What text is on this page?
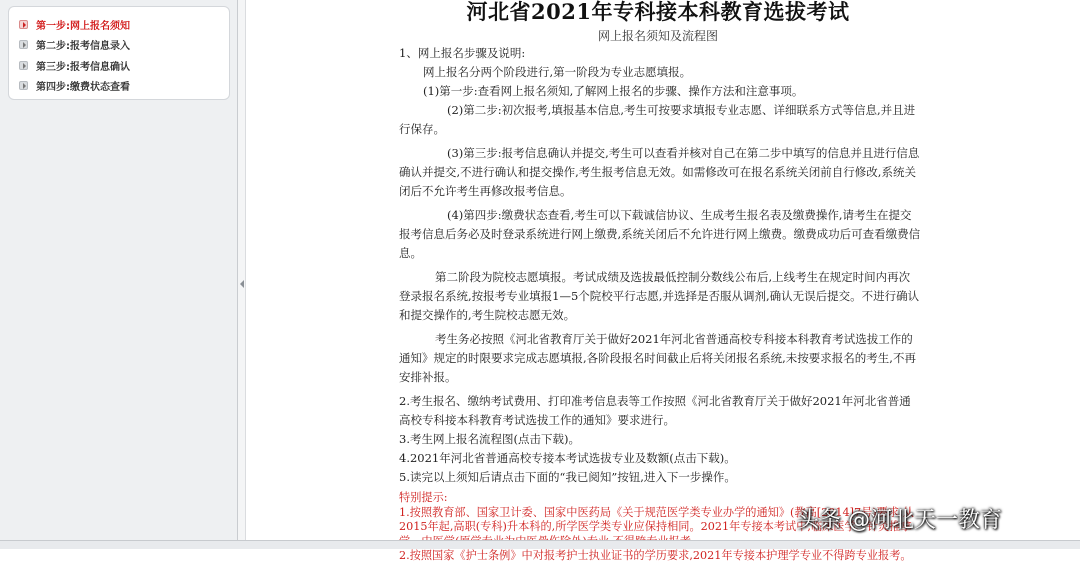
第一步:网上报名须知
第二步:报考信息录入
第三步:报考信息确认
第四步:缴费状态查看
河北省2021年专科接本科教育选拔考试
网上报名须知及流程图

1、网上报名步骤及说明:

网上报名分两个阶段进行,第一阶段为专业志愿填报。

(1)第一步:查看网上报名须知,了解网上报名的步骤、操作方法和注意事项。

(2)第二步:初次报考,填报基本信息,考生可按要求填报专业志愿、详细联系方式等信息,并且进行保存。

(3)第三步:报考信息确认并提交,考生可以查看并核对自己在第二步中填写的信息并且进行信息确认并提交,不进行确认和提交操作,考生报考信息无效。如需修改可在报名系统关闭前自行修改,系统关闭后不允许考生再修改报考信息。

(4)第四步:缴费状态查看,考生可以下载诚信协议、生成考生报名表及缴费操作,请考生在提交报考信息后务必及时登录系统进行网上缴费,系统关闭后不允许进行网上缴费。缴费成功后可查看缴费信息。

第二阶段为院校志愿填报。考试成绩及选拔最低控制分数线公布后,上线考生在规定时间内再次登录报名系统,按报考专业填报1—5个院校平行志愿,并选择是否服从调剂,确认无误后提交。不进行确认和提交操作的,考生院校志愿无效。

考生务必按照《河北省教育厅关于做好2021年河北省普通高校专科接本科教育考试选拔工作的通知》规定的时限要求完成志愿填报,各阶段报名时间截止后将关闭报名系统,未按要求报名的考生,不再安排补报。

2.考生报名、缴纳考试费用、打印准考信息表等工作按照《河北省教育厅关于做好2021年河北省普通高校专科接本科教育考试选拔工作的通知》要求进行。

3.考生网上报名流程图(点击下载)。

4.2021年河北省普通高校专接本考试选拔专业及数额(点击下载)。

5.读完以上须知后请点击下面的“我已阅知”按钮,进入下一步操作。

特别提示:

1.按照教育部、国家卫计委、国家中医药局《关于规范医学类专业办学的通知》(教高[2014]7号)要求,从2015年起,高职(专科)升本科的,所学医学类专业应保持相同。2021年专接本考试中,临床医学、针灸推拿

2.按照国家《护士条例》中对报考护士执业证书的学历要求,2021年专接本护理学专业不得跨专业报考。

头条 @河北天一教育
